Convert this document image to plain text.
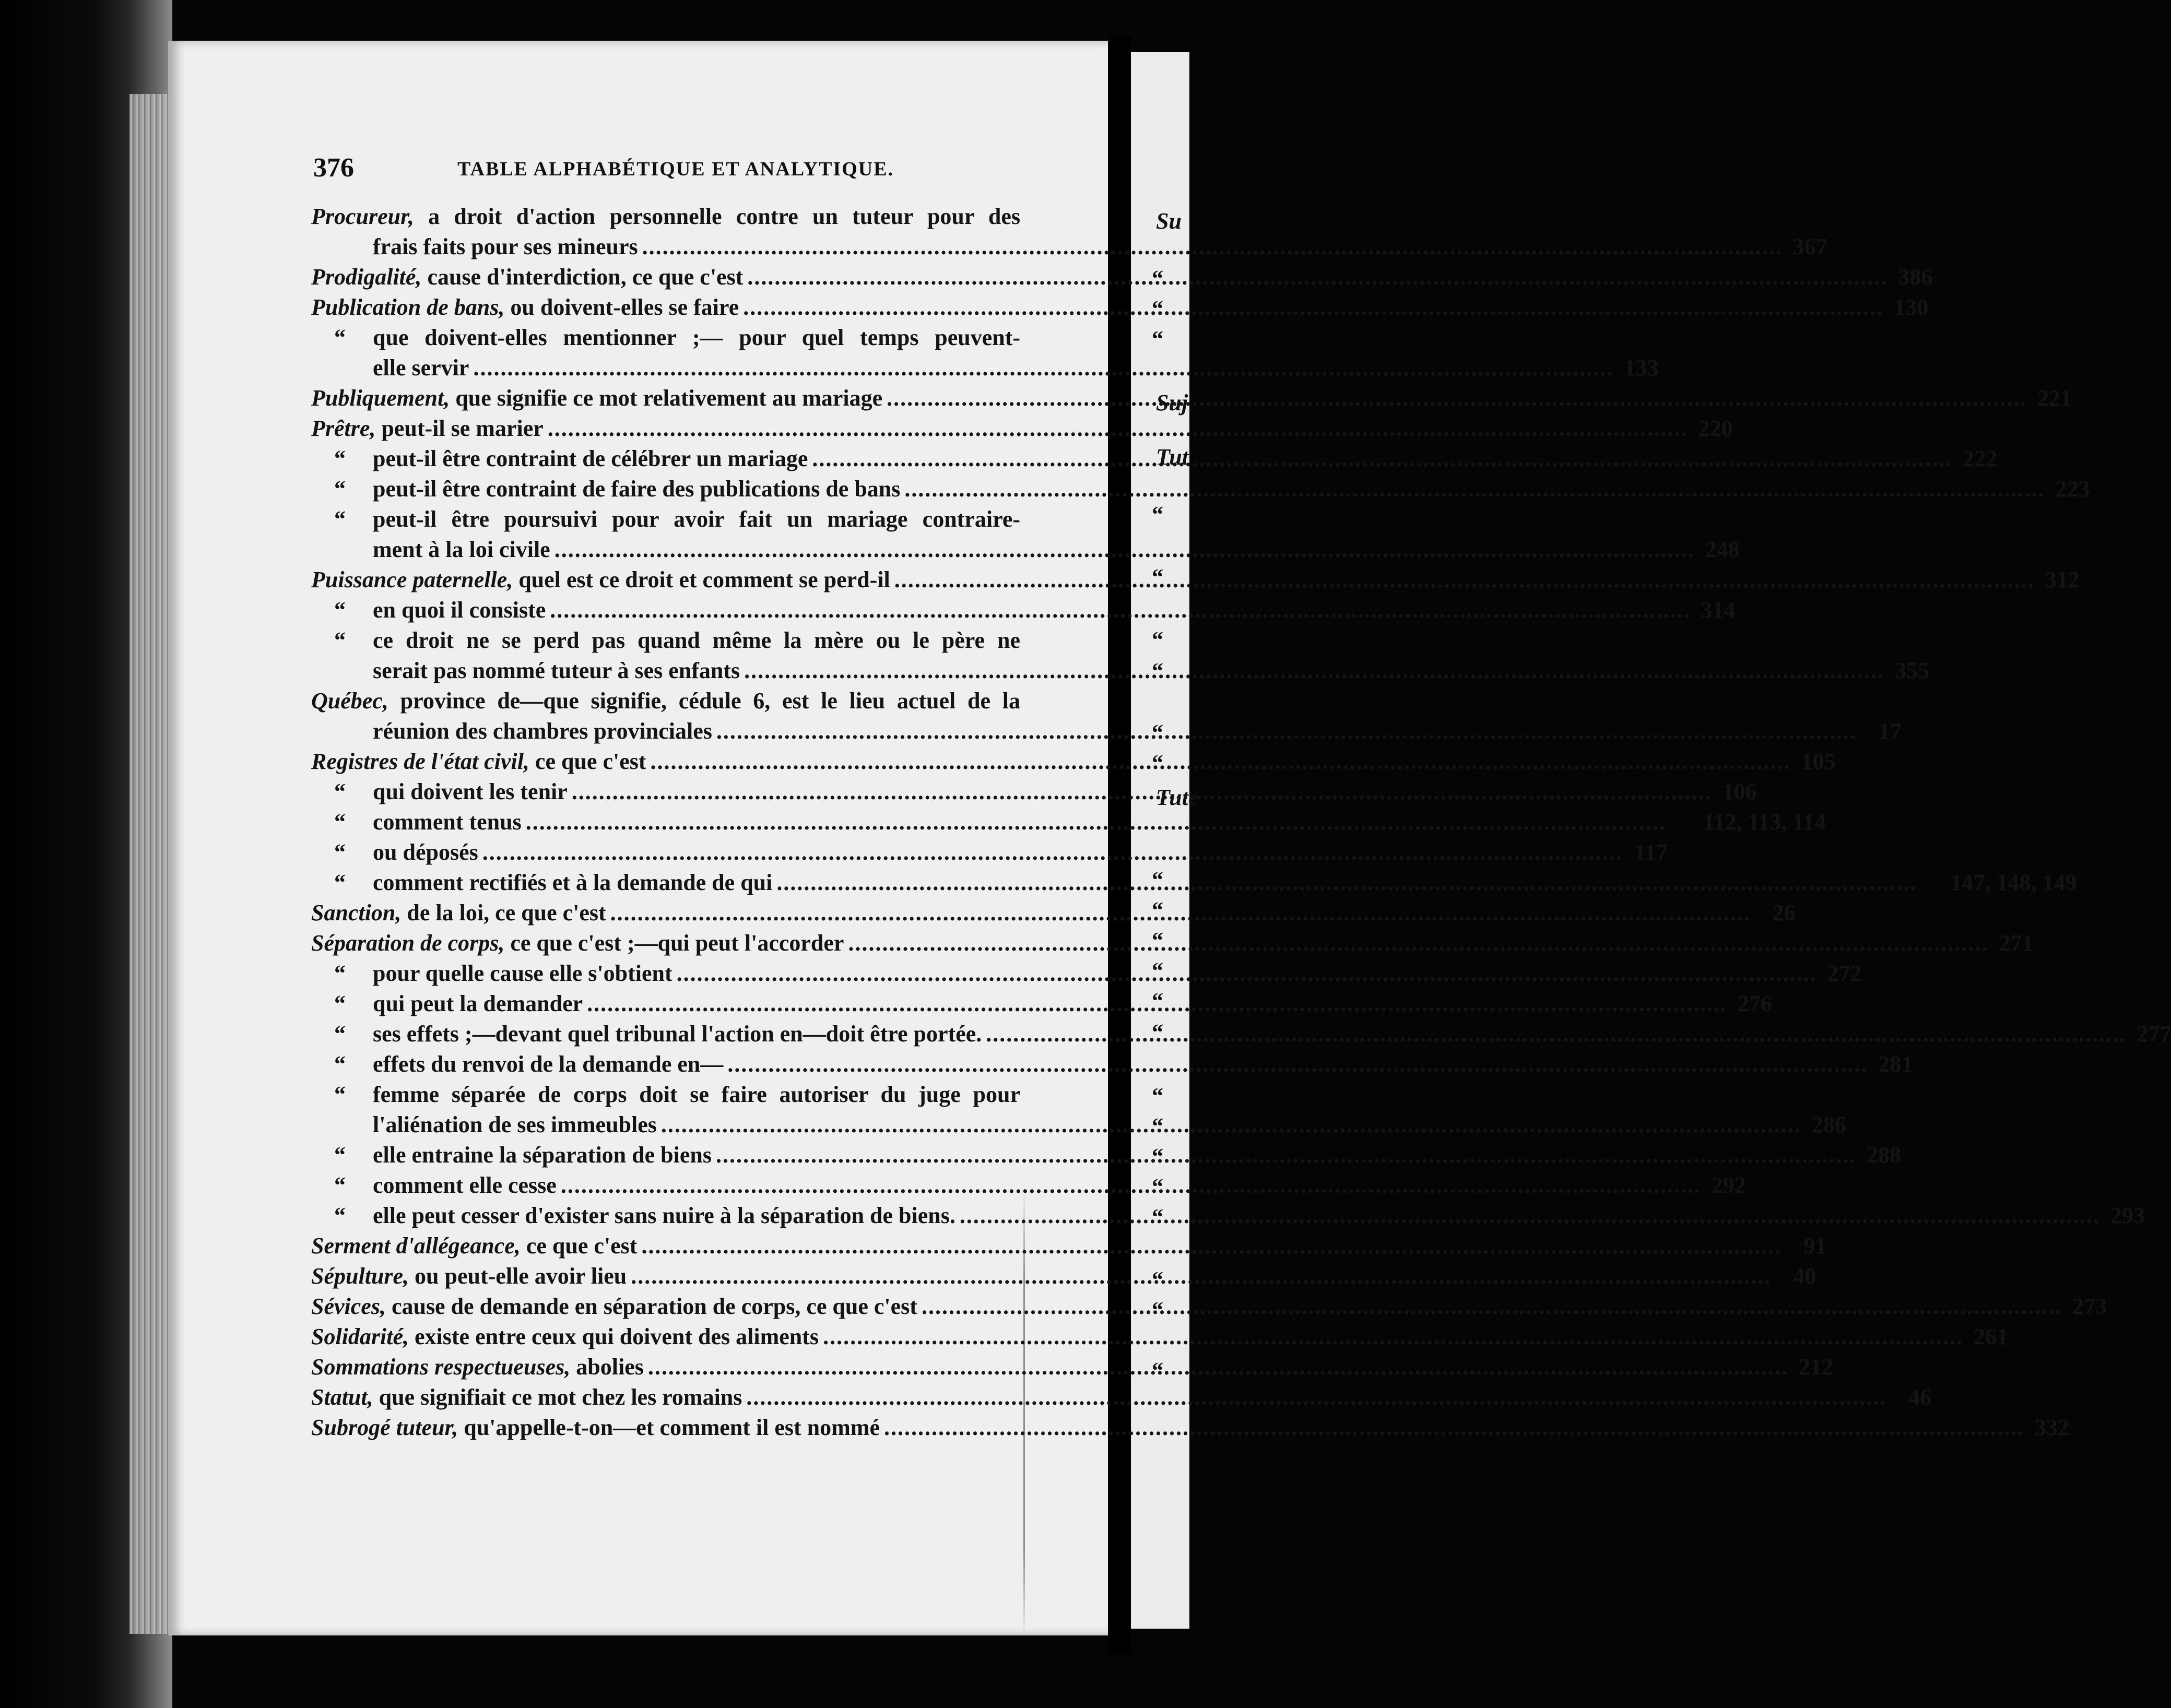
Su
“
“
“
Suj
Tut
“
“
“
“
“
“
Tute
“
“
“
“
“
“
“
“
“
“
“
“
“
“
376	TABLE ALPHABÉTIQUE ET ANALYTIQUE.
Procureur, a droit d'action personnelle contre un tuteur pour des
frais faits pour ses mineurs .....	367
Prodigalité, cause d'interdiction, ce que c'est .....	386
Publication de bans, ou doivent-elles se faire .....	130
“ que doivent-elles mentionner ;— pour quel temps peuvent-
elle servir .....	133
Publiquement, que signifie ce mot relativement au mariage .....	221
Prêtre, peut-il se marier .....	220
“ peut-il être contraint de célébrer un mariage .....	222
“ peut-il être contraint de faire des publications de bans .....	223
“ peut-il être poursuivi pour avoir fait un mariage contraire-
ment à la loi civile .....	248
Puissance paternelle, quel est ce droit et comment se perd-il .....	312
“ en quoi il consiste .....	314
“ ce droit ne se perd pas quand même la mère ou le père ne
serait pas nommé tuteur à ses enfants .....	355
Québec, province de—que signifie, cédule 6, est le lieu actuel de la
réunion des chambres provinciales .....	17
Registres de l'état civil, ce que c'est .....	105
“ qui doivent les tenir .....	106
“ comment tenus .....	112, 113, 114
“ ou déposés .....	117
“ comment rectifiés et à la demande de qui .....	147, 148, 149
Sanction, de la loi, ce que c'est .....	26
Séparation de corps, ce que c'est ;—qui peut l'accorder .....	271
“ pour quelle cause elle s'obtient .....	272
“ qui peut la demander .....	276
“ ses effets ;—devant quel tribunal l'action en—doit être portée. .....	277
“ effets du renvoi de la demande en— .....	281
“ femme séparée de corps doit se faire autoriser du juge pour
l'aliénation de ses immeubles .....	286
“ elle entraine la séparation de biens .....	288
“ comment elle cesse .....	292
“ elle peut cesser d'exister sans nuire à la séparation de biens. .....	293
Serment d'allégeance, ce que c'est .....	91
Sépulture, ou peut-elle avoir lieu .....	40
Sévices, cause de demande en séparation de corps, ce que c'est .....	273
Solidarité, existe entre ceux qui doivent des aliments .....	261
Sommations respectueuses, abolies .....	212
Statut, que signifiait ce mot chez les romains .....	46
Subrogé tuteur, qu'appelle-t-on—et comment il est nommé .....	332
